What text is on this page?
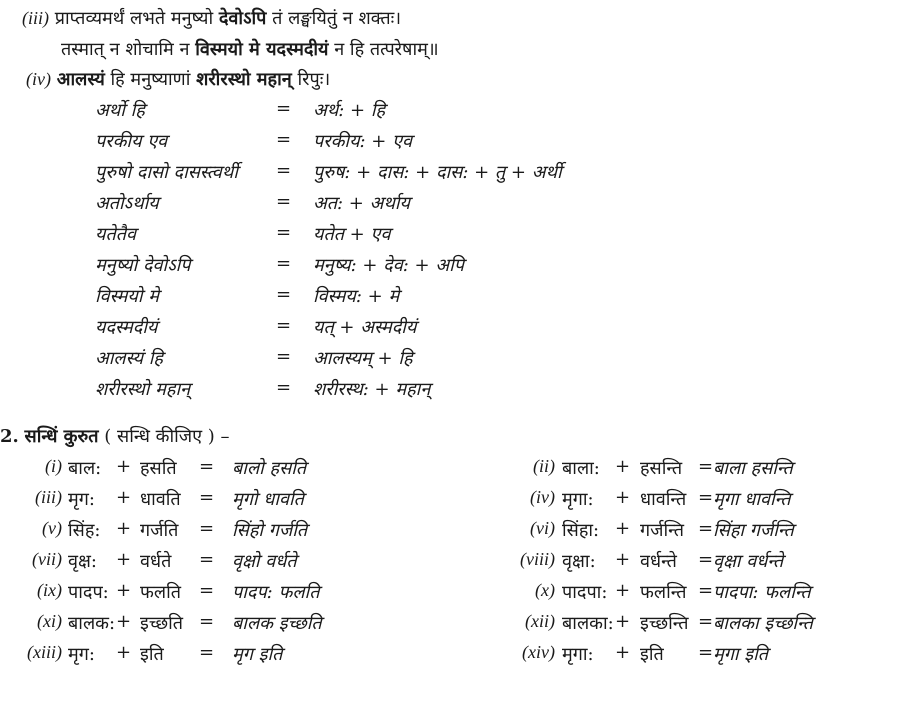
(iii) प्राप्तव्यमर्थं लभते मनुष्यो देवोऽपि तं लङ्घयितुं न शक्तः।
तस्मात् न शोचामि न विस्मयो मे यदस्मदीयं न हि तत्परेषाम्॥
(iv) आलस्यं हि मनुष्याणां शरीरस्थो महान् रिपुः।
अर्थो हि	= अर्थ: + हि
परकीय एव	= परकीय: + एव
पुरुषो दासो दासस्त्वर्थी = पुरुष: + दास: + दास: + तु + अर्थी
अतोऽर्थाय	= अत: + अर्थाय
यतेतैव	= यतेत + एव
मनुष्यो देवोऽपि	= मनुष्य: + देव: + अपि
विस्मयो मे	= विस्मय: + मे
यदस्मदीयं	= यत् + अस्मदीयं
आलस्यं हि	= आलस्यम् + हि
शरीरस्थो महान्	= शरीरस्थ: + महान्
2. सन्धिं कुरुत ( सन्धि कीजिए ) –
(i) बाल: + हसति = बालो हसति	(ii) बाला: + हसन्ति = बाला हसन्ति
(iii) मृग: + धावति = मृगो धावति	(iv) मृगा: + धावन्ति = मृगा धावन्ति
(v) सिंह: + गर्जति = सिंहो गर्जति	(vi) सिंहा: + गर्जन्ति = सिंहा गर्जन्ति
(vii) वृक्ष: + वर्धते = वृक्षो वर्धते	(viii) वृक्षा: + वर्धन्ते = वृक्षा वर्धन्ते
(ix) पादप: + फलति = पादप: फलति	(x) पादपा: + फलन्ति = पादपा: फलन्ति
(xi) बालक: + इच्छति = बालक इच्छति	(xii) बालका: + इच्छन्ति = बालका इच्छन्ति
(xiii) मृग: + इति = मृग इति	(xiv) मृगा: + इति = मृगा इति
